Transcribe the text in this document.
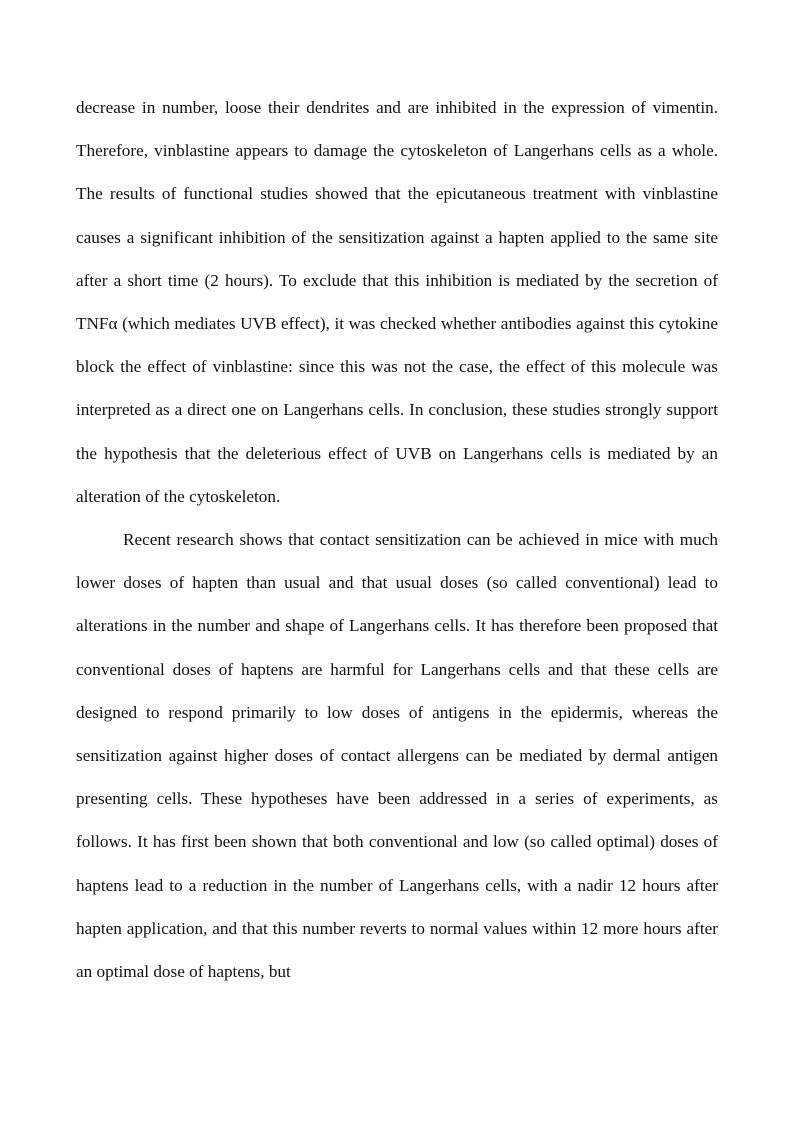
decrease in number, loose their dendrites and are inhibited in the expression of vimentin. Therefore, vinblastine appears to damage the cytoskeleton of Langerhans cells as a whole. The results of functional studies showed that the epicutaneous treatment with vinblastine causes a significant inhibition of the sensitization against a hapten applied to the same site after a short time (2 hours). To exclude that this inhibition is mediated by the secretion of TNFα (which mediates UVB effect), it was checked whether antibodies against this cytokine block the effect of vinblastine: since this was not the case, the effect of this molecule was interpreted as a direct one on Langerhans cells. In conclusion, these studies strongly support the hypothesis that the deleterious effect of UVB on Langerhans cells is mediated by an alteration of the cytoskeleton.

Recent research shows that contact sensitization can be achieved in mice with much lower doses of hapten than usual and that usual doses (so called conventional) lead to alterations in the number and shape of Langerhans cells. It has therefore been proposed that conventional doses of haptens are harmful for Langerhans cells and that these cells are designed to respond primarily to low doses of antigens in the epidermis, whereas the sensitization against higher doses of contact allergens can be mediated by dermal antigen presenting cells. These hypotheses have been addressed in a series of experiments, as follows. It has first been shown that both conventional and low (so called optimal) doses of haptens lead to a reduction in the number of Langerhans cells, with a nadir 12 hours after hapten application, and that this number reverts to normal values within 12 more hours after an optimal dose of haptens, but
